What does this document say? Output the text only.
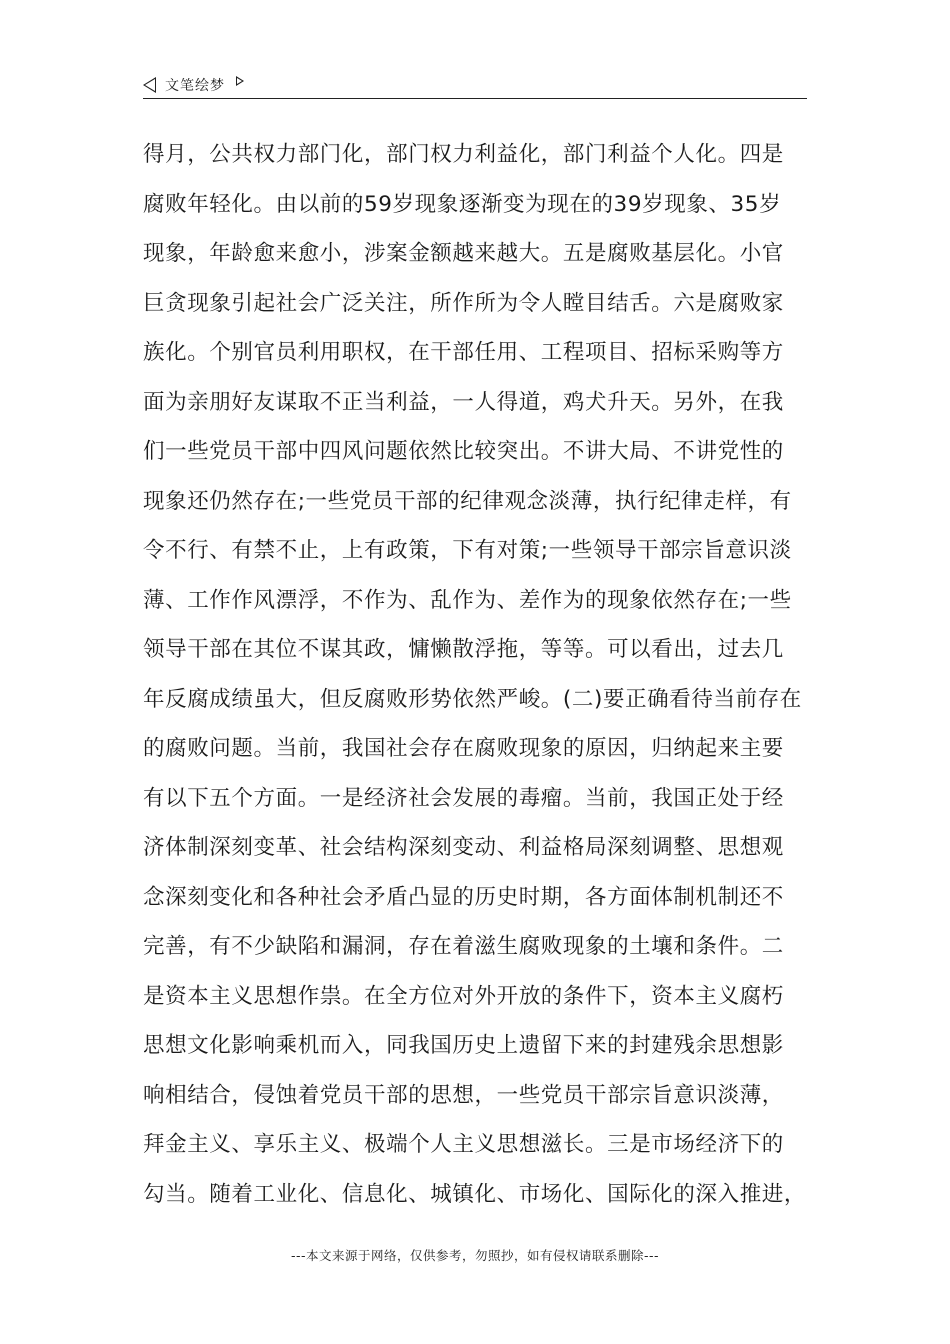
文笔绘梦
得月，公共权力部门化，部门权力利益化，部门利益个人化。四是
腐败年轻化。由以前的59岁现象逐渐变为现在的39岁现象、35岁
现象，年龄愈来愈小，涉案金额越来越大。五是腐败基层化。小官
巨贪现象引起社会广泛关注，所作所为令人瞠目结舌。六是腐败家
族化。个别官员利用职权，在干部任用、工程项目、招标采购等方
面为亲朋好友谋取不正当利益，一人得道，鸡犬升天。另外，在我
们一些党员干部中四风问题依然比较突出。不讲大局、不讲党性的
现象还仍然存在;一些党员干部的纪律观念淡薄，执行纪律走样，有
令不行、有禁不止，上有政策，下有对策;一些领导干部宗旨意识淡
薄、工作作风漂浮，不作为、乱作为、差作为的现象依然存在;一些
领导干部在其位不谋其政，慵懒散浮拖，等等。可以看出，过去几
年反腐成绩虽大，但反腐败形势依然严峻。(二)要正确看待当前存在
的腐败问题。当前，我国社会存在腐败现象的原因，归纳起来主要
有以下五个方面。一是经济社会发展的毒瘤。当前，我国正处于经
济体制深刻变革、社会结构深刻变动、利益格局深刻调整、思想观
念深刻变化和各种社会矛盾凸显的历史时期，各方面体制机制还不
完善，有不少缺陷和漏洞，存在着滋生腐败现象的土壤和条件。二
是资本主义思想作祟。在全方位对外开放的条件下，资本主义腐朽
思想文化影响乘机而入，同我国历史上遗留下来的封建残余思想影
响相结合，侵蚀着党员干部的思想，一些党员干部宗旨意识淡薄，
拜金主义、享乐主义、极端个人主义思想滋长。三是市场经济下的
勾当。随着工业化、信息化、城镇化、市场化、国际化的深入推进，
---本文来源于网络，仅供参考，勿照抄，如有侵权请联系删除---
